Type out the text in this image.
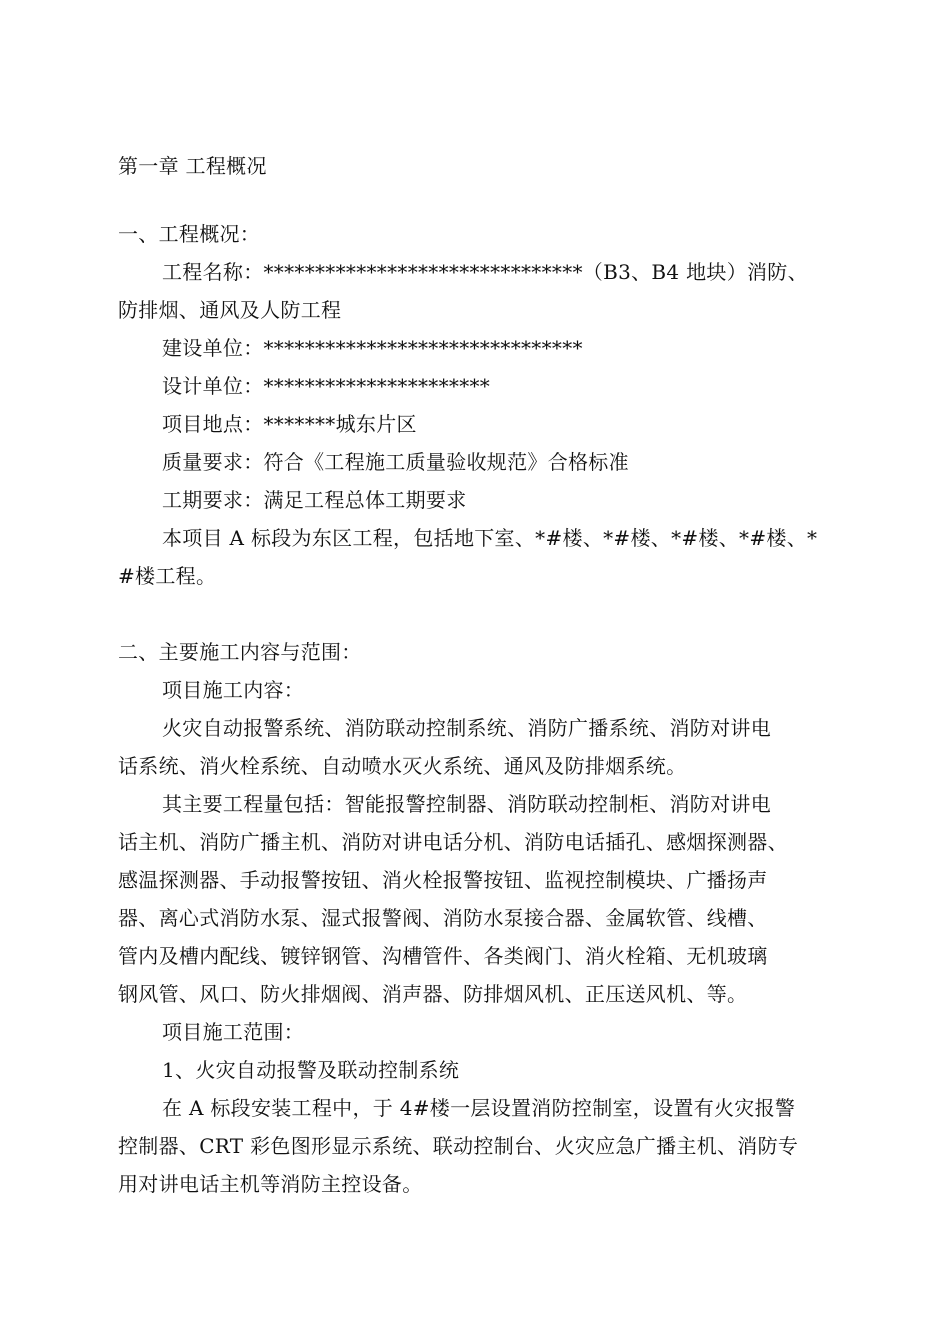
第一章 工程概况
一、工程概况：
工程名称：*******************************（B3、B4 地块）消防、
防排烟、通风及人防工程
建设单位：*******************************
设计单位：**********************
项目地点：*******城东片区
质量要求：符合《工程施工质量验收规范》合格标准
工期要求：满足工程总体工期要求
本项目 A 标段为东区工程，包括地下室、*#楼、*#楼、*#楼、*#楼、*
#楼工程。
二、主要施工内容与范围：
项目施工内容：
火灾自动报警系统、消防联动控制系统、消防广播系统、消防对讲电
话系统、消火栓系统、自动喷水灭火系统、通风及防排烟系统。
其主要工程量包括：智能报警控制器、消防联动控制柜、消防对讲电
话主机、消防广播主机、消防对讲电话分机、消防电话插孔、感烟探测器、
感温探测器、手动报警按钮、消火栓报警按钮、监视控制模块、广播扬声
器、离心式消防水泵、湿式报警阀、消防水泵接合器、金属软管、线槽、
管内及槽内配线、镀锌钢管、沟槽管件、各类阀门、消火栓箱、无机玻璃
钢风管、风口、防火排烟阀、消声器、防排烟风机、正压送风机、等。
项目施工范围：
1、火灾自动报警及联动控制系统
在 A 标段安装工程中，于 4#楼一层设置消防控制室，设置有火灾报警
控制器、CRT 彩色图形显示系统、联动控制台、火灾应急广播主机、消防专
用对讲电话主机等消防主控设备。
